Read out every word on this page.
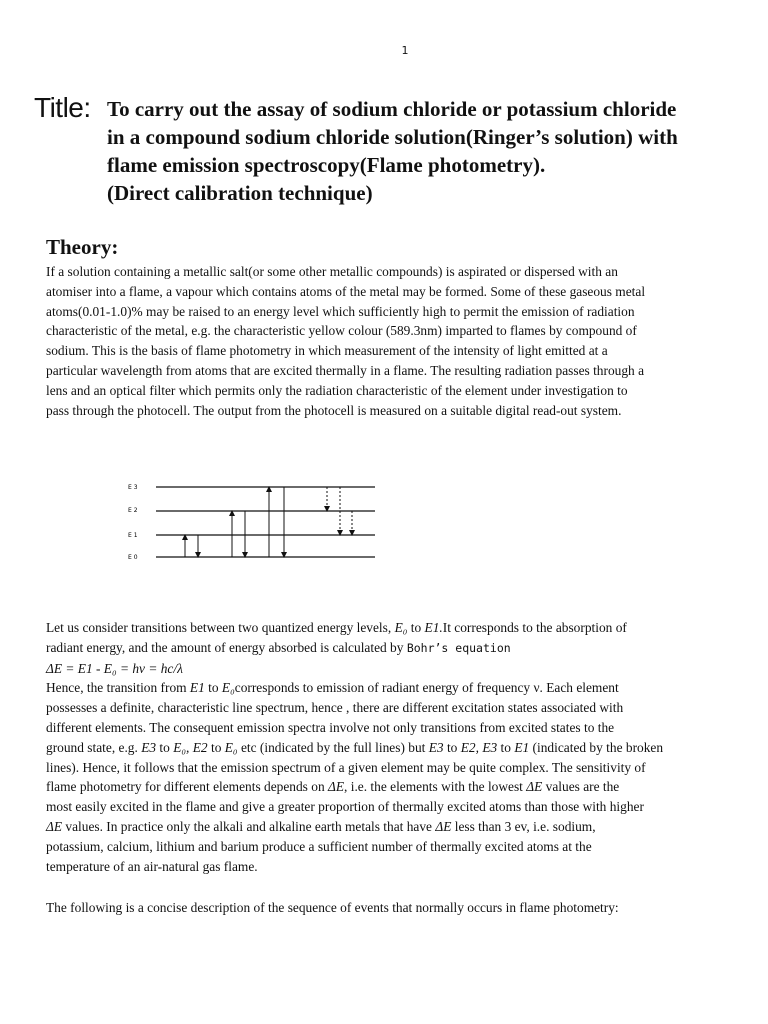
1
Title: To carry out the assay of sodium chloride or potassium chloride
in a compound sodium chloride solution(Ringer’s solution) with
flame emission spectroscopy(Flame photometry).
(Direct calibration technique)
Theory:
If a solution containing a metallic salt(or some other metallic compounds) is aspirated or dispersed with an
atomiser into a flame, a vapour which contains atoms of the metal may be formed. Some of these gaseous metal
atoms(0.01-1.0)% may be raised to an energy level which sufficiently high to permit the emission of radiation
characteristic of the metal, e.g. the characteristic yellow colour (589.3nm) imparted to flames by compound of
sodium. This is the basis of flame photometry in which measurement of the intensity of light emitted at a
particular wavelength from atoms that are excited thermally in a flame. The resulting radiation passes through a
lens and an optical filter which permits only the radiation characteristic of the element under investigation to
pass through the photocell. The output from the photocell is measured on a suitable digital read-out system.
E 3
E 2
E 1
E 0
Let us consider transitions between two quantized energy levels, E₀ to E1.It corresponds to the absorption of
radiant energy, and the amount of energy absorbed is calculated by Bohr’s equation
ΔE = E1 - E₀ = hν = hc/λ
Hence, the transition from E1 to E₀corresponds to emission of radiant energy of frequency ν. Each element
possesses a definite, characteristic line spectrum, hence , there are different excitation states associated with
different elements. The consequent emission spectra involve not only transitions from excited states to the
ground state, e.g. E3 to E₀, E2 to E₀ etc (indicated by the full lines) but E3 to E2, E3 to E1 (indicated by the broken
lines). Hence, it follows that the emission spectrum of a given element may be quite complex. The sensitivity of
flame photometry for different elements depends on ΔE, i.e. the elements with the lowest ΔE values are the
most easily excited in the flame and give a greater proportion of thermally excited atoms than those with higher
ΔE values. In practice only the alkali and alkaline earth metals that have ΔE less than 3 ev, i.e. sodium,
potassium, calcium, lithium and barium produce a sufficient number of thermally excited atoms at the
temperature of an air-natural gas flame.
The following is a concise description of the sequence of events that normally occurs in flame photometry:
